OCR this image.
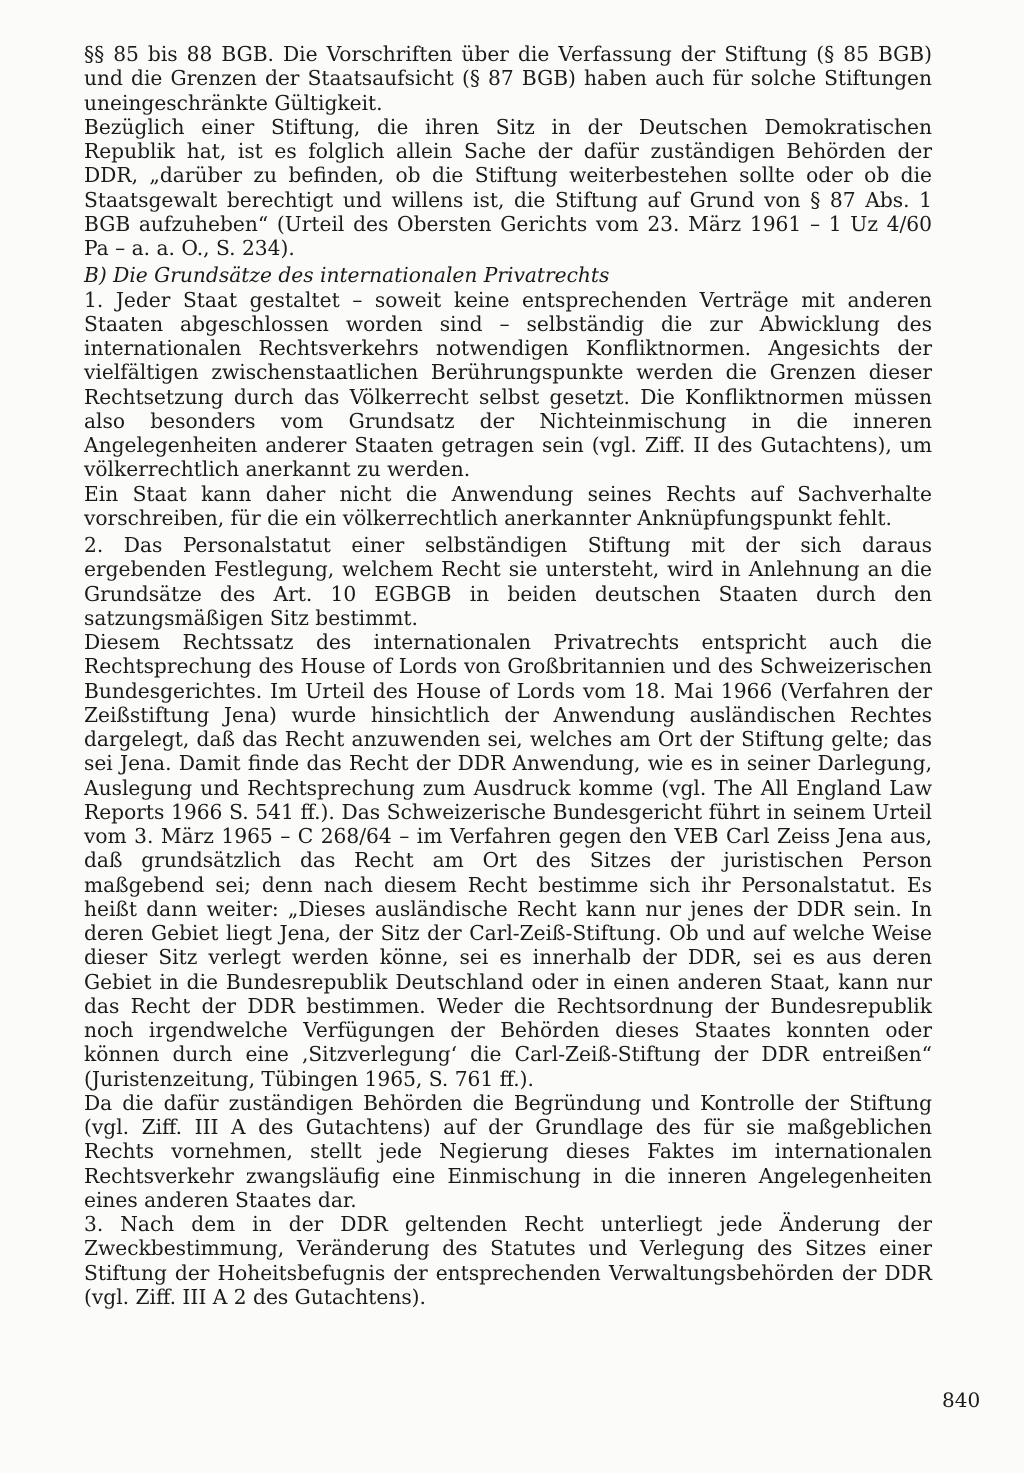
§§ 85 bis 88 BGB. Die Vorschriften über die Verfassung der Stiftung (§ 85 BGB) und die Grenzen der Staatsaufsicht (§ 87 BGB) haben auch für solche Stiftungen uneingeschränkte Gültigkeit.

Bezüglich einer Stiftung, die ihren Sitz in der Deutschen Demokratischen Republik hat, ist es folglich allein Sache der dafür zuständigen Behörden der DDR, „darüber zu befinden, ob die Stiftung weiterbestehen sollte oder ob die Staatsgewalt berechtigt und willens ist, die Stiftung auf Grund von § 87 Abs. 1 BGB aufzuheben“ (Urteil des Obersten Gerichts vom 23. März 1961 – 1 Uz 4/60 Pa – a. a. O., S. 234).

B) Die Grundsätze des internationalen Privatrechts

1. Jeder Staat gestaltet – soweit keine entsprechenden Verträge mit anderen Staaten abgeschlossen worden sind – selbständig die zur Abwicklung des internationalen Rechtsverkehrs notwendigen Konfliktnormen. Angesichts der vielfältigen zwischenstaatlichen Berührungspunkte werden die Grenzen dieser Rechtsetzung durch das Völkerrecht selbst gesetzt. Die Konfliktnormen müssen also besonders vom Grundsatz der Nichteinmischung in die inneren Angelegenheiten anderer Staaten getragen sein (vgl. Ziff. II des Gutachtens), um völkerrechtlich anerkannt zu werden.

Ein Staat kann daher nicht die Anwendung seines Rechts auf Sachverhalte vorschreiben, für die ein völkerrechtlich anerkannter Anknüpfungspunkt fehlt.

2. Das Personalstatut einer selbständigen Stiftung mit der sich daraus ergebenden Festlegung, welchem Recht sie untersteht, wird in Anlehnung an die Grundsätze des Art. 10 EGBGB in beiden deutschen Staaten durch den satzungsmäßigen Sitz bestimmt.

Diesem Rechtssatz des internationalen Privatrechts entspricht auch die Rechtsprechung des House of Lords von Großbritannien und des Schweizerischen Bundesgerichtes. Im Urteil des House of Lords vom 18. Mai 1966 (Verfahren der Zeißstiftung Jena) wurde hinsichtlich der Anwendung ausländischen Rechtes dargelegt, daß das Recht anzuwenden sei, welches am Ort der Stiftung gelte; das sei Jena. Damit finde das Recht der DDR Anwendung, wie es in seiner Darlegung, Auslegung und Rechtsprechung zum Ausdruck komme (vgl. The All England Law Reports 1966 S. 541 ff.). Das Schweizerische Bundesgericht führt in seinem Urteil vom 3. März 1965 – C 268/64 – im Verfahren gegen den VEB Carl Zeiss Jena aus, daß grundsätzlich das Recht am Ort des Sitzes der juristischen Person maßgebend sei; denn nach diesem Recht bestimme sich ihr Personalstatut. Es heißt dann weiter: „Dieses ausländische Recht kann nur jenes der DDR sein. In deren Gebiet liegt Jena, der Sitz der Carl-Zeiß-Stiftung. Ob und auf welche Weise dieser Sitz verlegt werden könne, sei es innerhalb der DDR, sei es aus deren Gebiet in die Bundesrepublik Deutschland oder in einen anderen Staat, kann nur das Recht der DDR bestimmen. Weder die Rechtsordnung der Bundesrepublik noch irgendwelche Verfügungen der Behörden dieses Staates konnten oder können durch eine ‚Sitzverlegung‘ die Carl-Zeiß-Stiftung der DDR entreißen“ (Juristenzeitung, Tübingen 1965, S. 761 ff.).

Da die dafür zuständigen Behörden die Begründung und Kontrolle der Stiftung (vgl. Ziff. III A des Gutachtens) auf der Grundlage des für sie maßgeblichen Rechts vornehmen, stellt jede Negierung dieses Faktes im internationalen Rechtsverkehr zwangsläufig eine Einmischung in die inneren Angelegenheiten eines anderen Staates dar.

3. Nach dem in der DDR geltenden Recht unterliegt jede Änderung der Zweckbestimmung, Veränderung des Statutes und Verlegung des Sitzes einer Stiftung der Hoheitsbefugnis der entsprechenden Verwaltungsbehörden der DDR (vgl. Ziff. III A 2 des Gutachtens).

840
